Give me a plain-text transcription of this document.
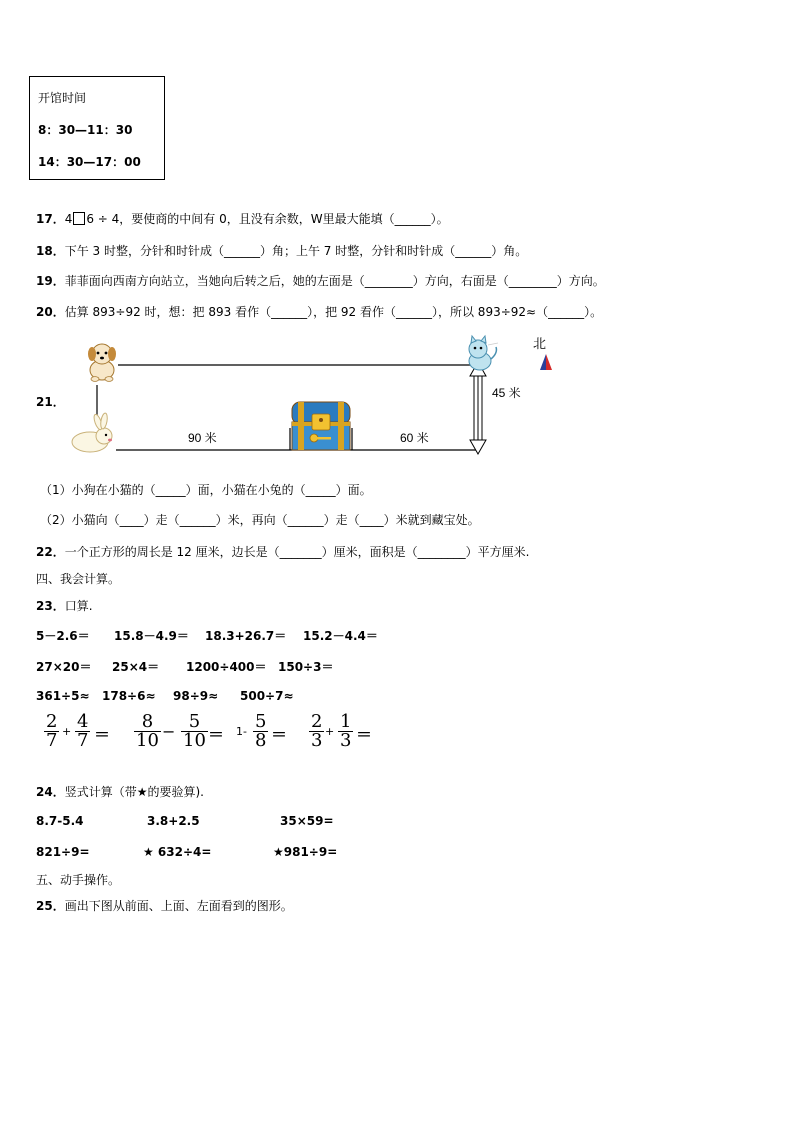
开馆时间
8：30—11：30
14：30—17：00
17．4 6 ÷ 4，要使商的中间有 0，且没有余数，W里最大能填（______）。
18．下午 3 时整，分针和时针成（______）角；上午 7 时整，分针和时针成（______）角。
19．菲菲面向西南方向站立，当她向后转之后，她的左面是（________）方向，右面是（________）方向。
20．估算 893÷92 时，想：把 893 看作（______），把 92 看作（______），所以 893÷92≈（______）。
21．
90 米	60 米
45 米
北
（1）小狗在小猫的（_____）面，小猫在小兔的（_____）面。
（2）小猫向（____）走（______）米，再向（______）走（____）米就到藏宝处。
22．一个正方形的周长是 12 厘米，边长是（_______）厘米，面积是（________）平方厘米.
四、我会计算。
23．口算.
5－2.6＝ 15.8－4.9＝ 18.3+26.7＝ 15.2－4.4＝
27×20＝ 25×4＝ 1200÷400＝ 150÷3＝
361÷5≈ 178÷6≈ 98÷9≈ 500÷7≈
$\frac{2}{7} + \frac{4}{7} = \frac{8}{10} - \frac{5}{10} = 1- \frac{5}{8} = \frac{2}{3} + \frac{1}{3}$ ＝
24．竖式计算（带★的要验算).
8.7-5.4	3.8+2.5	35×59=
821÷9=	★ 632÷4=	★981÷9=
五、动手操作。
25．画出下图从前面、上面、左面看到的图形。
